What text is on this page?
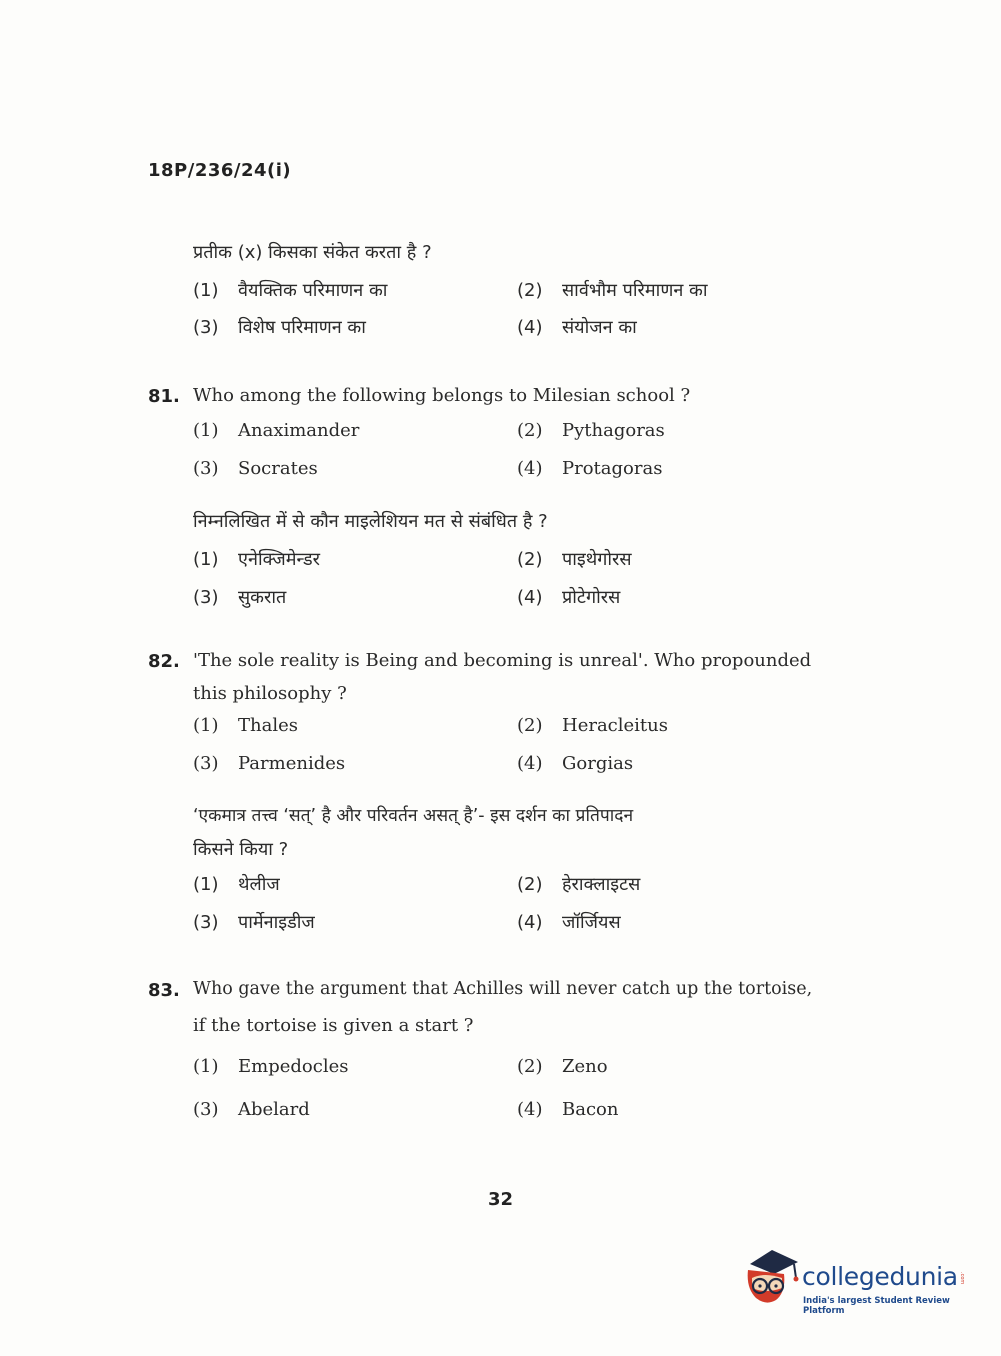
18P/236/24(i)
प्रतीक (x) किसका संकेत करता है ?
(1) वैयक्तिक परिमाणन का	(2) सार्वभौम परिमाणन का
(3) विशेष परिमाणन का	(4) संयोजन का
81. Who among the following belongs to Milesian school ?
(1) Anaximander	(2) Pythagoras
(3) Socrates	(4) Protagoras
निम्नलिखित में से कौन माइलेशियन मत से संबंधित है ?
(1) एनेक्जिमेन्डर	(2) पाइथेगोरस
(3) सुकरात	(4) प्रोटेगोरस
82. 'The sole reality is Being and becoming is unreal'. Who propounded
this philosophy ?
(1) Thales	(2) Heracleitus
(3) Parmenides	(4) Gorgias
‘एकमात्र तत्त्व ‘सत्’ है और परिवर्तन असत् है’- इस दर्शन का प्रतिपादन
किसने किया ?
(1) थेलीज	(2) हेराक्लाइटस
(3) पार्मेनाइडीज	(4) जॉर्जियस
83. Who gave the argument that Achilles will never catch up the tortoise,
if the tortoise is given a start ?
(1) Empedocles	(2) Zeno
(3) Abelard	(4) Bacon
32
collegedunia .com
India's largest Student Review Platform
